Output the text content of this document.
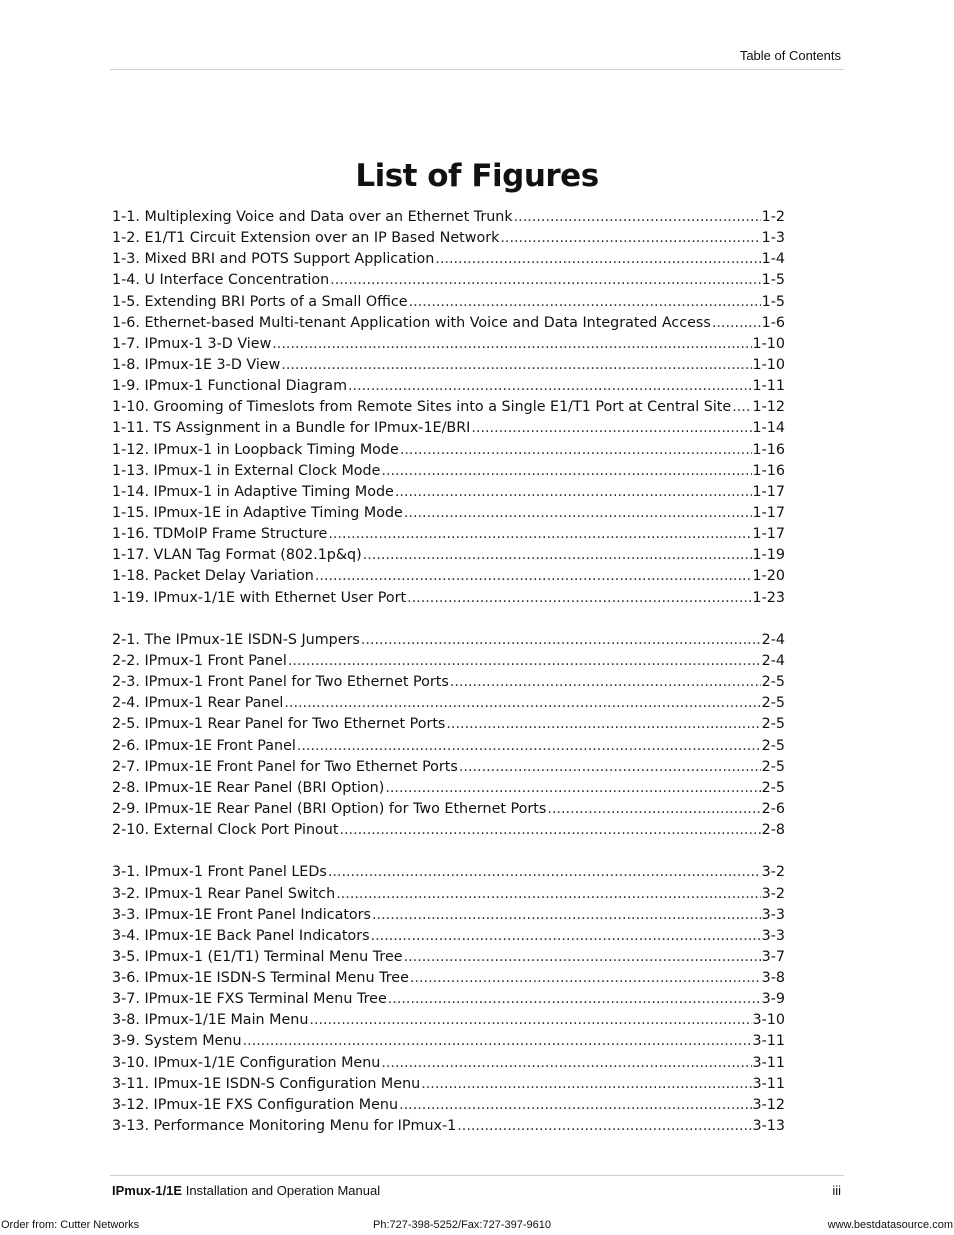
Table of Contents
List of Figures
1-1. Multiplexing Voice and Data over an Ethernet Trunk .....	1-2
1-2. E1/T1 Circuit Extension over an IP Based Network .....	1-3
1-3. Mixed BRI and POTS Support Application .....	1-4
1-4. U Interface Concentration .....	1-5
1-5. Extending BRI Ports of a Small Office .....	1-5
1-6. Ethernet-based Multi-tenant Application with Voice and Data Integrated Access .....	1-6
1-7. IPmux-1 3-D View .....	1-10
1-8. IPmux-1E 3-D View .....	1-10
1-9. IPmux-1 Functional Diagram .....	1-11
1-10. Grooming of Timeslots from Remote Sites into a Single E1/T1 Port at Central Site ..... 1-12
1-11. TS Assignment in a Bundle for IPmux-1E/BRI .....	1-14
1-12. IPmux-1 in Loopback Timing Mode .....	1-16
1-13. IPmux-1 in External Clock Mode .....	1-16
1-14. IPmux-1 in Adaptive Timing Mode .....	1-17
1-15. IPmux-1E in Adaptive Timing Mode .....	1-17
1-16. TDMoIP Frame Structure .....	1-17
1-17. VLAN Tag Format (802.1p&q) .....	1-19
1-18. Packet Delay Variation .....	1-20
1-19. IPmux-1/1E with Ethernet User Port .....	1-23
2-1. The IPmux-1E ISDN-S Jumpers .....	2-4
2-2. IPmux-1 Front Panel .....	2-4
2-3. IPmux-1 Front Panel for Two Ethernet Ports .....	2-5
2-4. IPmux-1 Rear Panel .....	2-5
2-5. IPmux-1 Rear Panel for Two Ethernet Ports .....	2-5
2-6. IPmux-1E Front Panel .....	2-5
2-7. IPmux-1E Front Panel for Two Ethernet Ports .....	2-5
2-8. IPmux-1E Rear Panel (BRI Option) .....	2-5
2-9. IPmux-1E Rear Panel (BRI Option) for Two Ethernet Ports .....	2-6
2-10. External Clock Port Pinout .....	2-8
3-1. IPmux-1 Front Panel LEDs .....	3-2
3-2. IPmux-1 Rear Panel Switch .....	3-2
3-3. IPmux-1E Front Panel Indicators .....	3-3
3-4. IPmux-1E Back Panel Indicators .....	3-3
3-5. IPmux-1 (E1/T1) Terminal Menu Tree .....	3-7
3-6. IPmux-1E ISDN-S Terminal Menu Tree .....	3-8
3-7. IPmux-1E FXS Terminal Menu Tree .....	3-9
3-8. IPmux-1/1E Main Menu .....	3-10
3-9. System Menu .....	3-11
3-10. IPmux-1/1E Configuration Menu .....	3-11
3-11. IPmux-1E ISDN-S Configuration Menu .....	3-11
3-12. IPmux-1E FXS Configuration Menu .....	3-12
3-13. Performance Monitoring Menu for IPmux-1 .....	3-13
IPmux-1/1E Installation and Operation Manual	iii
Order from: Cutter Networks	Ph:727-398-5252/Fax:727-397-9610	www.bestdatasource.com
